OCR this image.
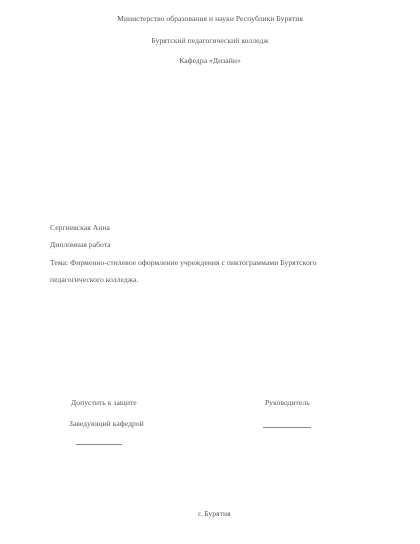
Министерство образования и науки Республики Бурятия
Бурятский педагогический колледж
Кафедра «Дизайн»
Сергиевская Анна
Дипломная работа
Тема: Фирменно-стилевое оформление учреждения с пиктограммами Бурятского
педагогического колледжа.
Допустить к защите	Руководитель
Заведующий кафедрой
г. Бурятия
